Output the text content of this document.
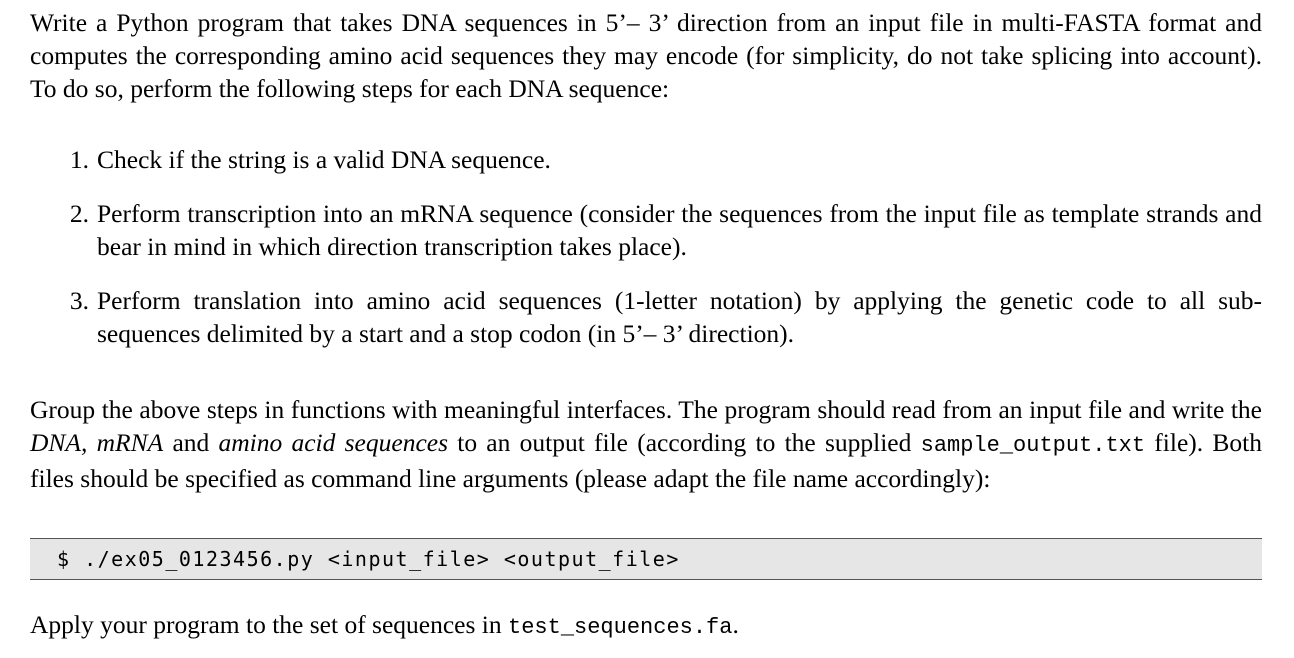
Write a Python program that takes DNA sequences in 5’– 3’ direction from an input file in multi-FASTA format and computes the corresponding amino acid sequences they may encode (for simplicity, do not take splicing into account). To do so, perform the following steps for each DNA sequence:

1. Check if the string is a valid DNA sequence.
2. Perform transcription into an mRNA sequence (consider the sequences from the input file as template strands and bear in mind in which direction transcription takes place).
3. Perform translation into amino acid sequences (1-letter notation) by applying the genetic code to all sub-sequences delimited by a start and a stop codon (in 5’– 3’ direction).

Group the above steps in functions with meaningful interfaces. The program should read from an input file and write the DNA, mRNA and amino acid sequences to an output file (according to the supplied sample_output.txt file). Both files should be specified as command line arguments (please adapt the file name accordingly):

$ ./ex05_0123456.py <input_file> <output_file>

Apply your program to the set of sequences in test_sequences.fa.
